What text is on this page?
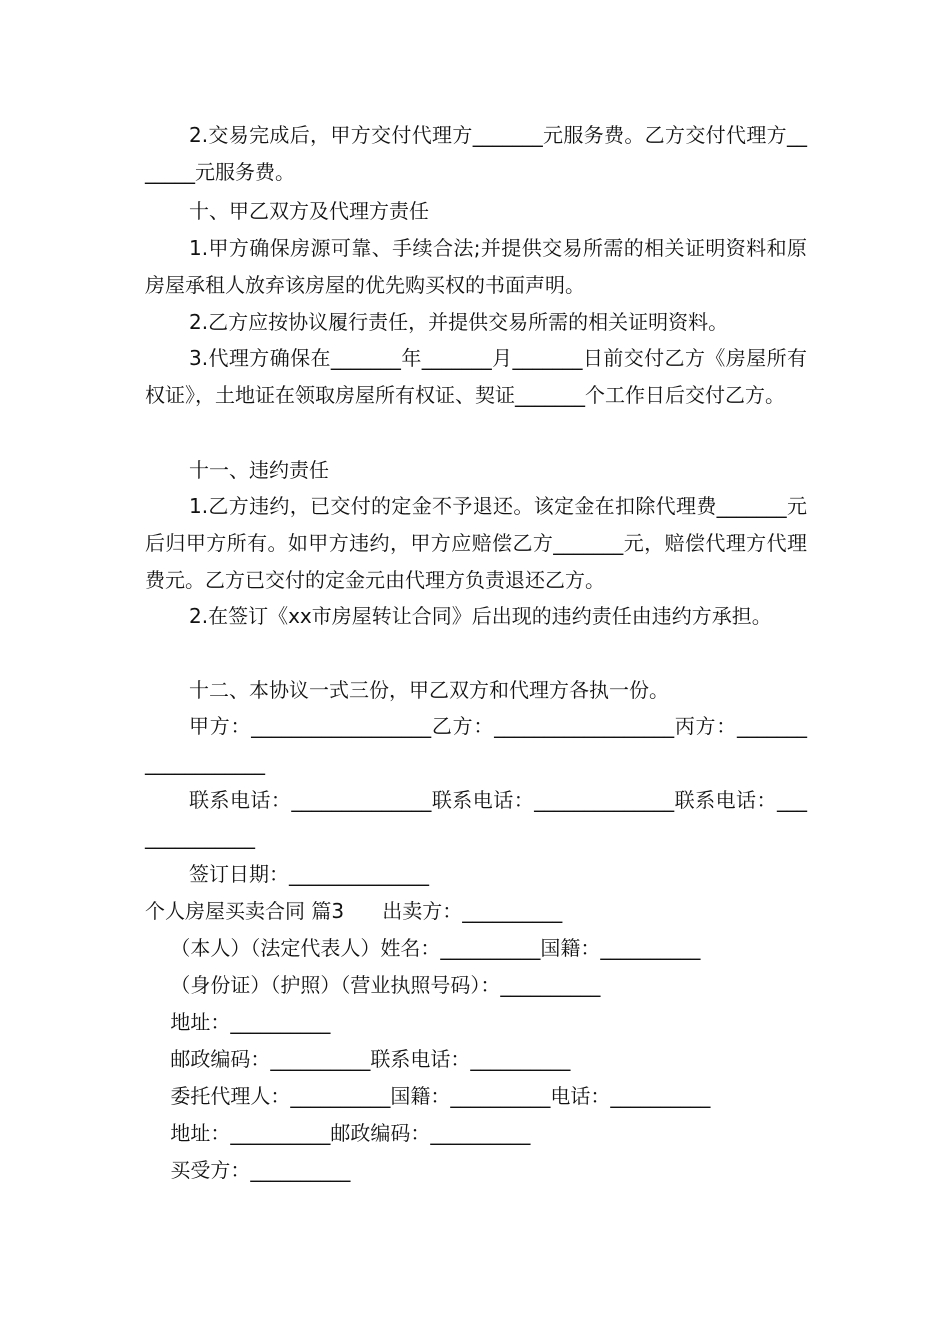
2.交易完成后，甲方交付代理方_______元服务费。乙方交付代理方_______元服务费。

十、甲乙双方及代理方责任

1.甲方确保房源可靠、手续合法;并提供交易所需的相关证明资料和原房屋承租人放弃该房屋的优先购买权的书面声明。

2.乙方应按协议履行责任，并提供交易所需的相关证明资料。

3.代理方确保在_______年_______月_______日前交付乙方《房屋所有权证》，土地证在领取房屋所有权证、契证_______个工作日后交付乙方。

十一、违约责任

1.乙方违约，已交付的定金不予退还。该定金在扣除代理费_______元后归甲方所有。如甲方违约，甲方应赔偿乙方_______元，赔偿代理方代理费元。乙方已交付的定金元由代理方负责退还乙方。

2.在签订《xx市房屋转让合同》后出现的违约责任由违约方承担。

十二、本协议一式三份，甲乙双方和代理方各执一份。

甲方：__________________乙方：__________________丙方：___________________

联系电话：______________联系电话：______________联系电话：______________

签订日期：______________

个人房屋买卖合同 篇3      出卖方：__________

（本人）（法定代表人）姓名：__________国籍：__________

（身份证）（护照）（营业执照号码）：__________

地址：__________

邮政编码：__________联系电话：__________

委托代理人：__________国籍：__________电话：__________

地址：__________邮政编码：__________

买受方：__________
